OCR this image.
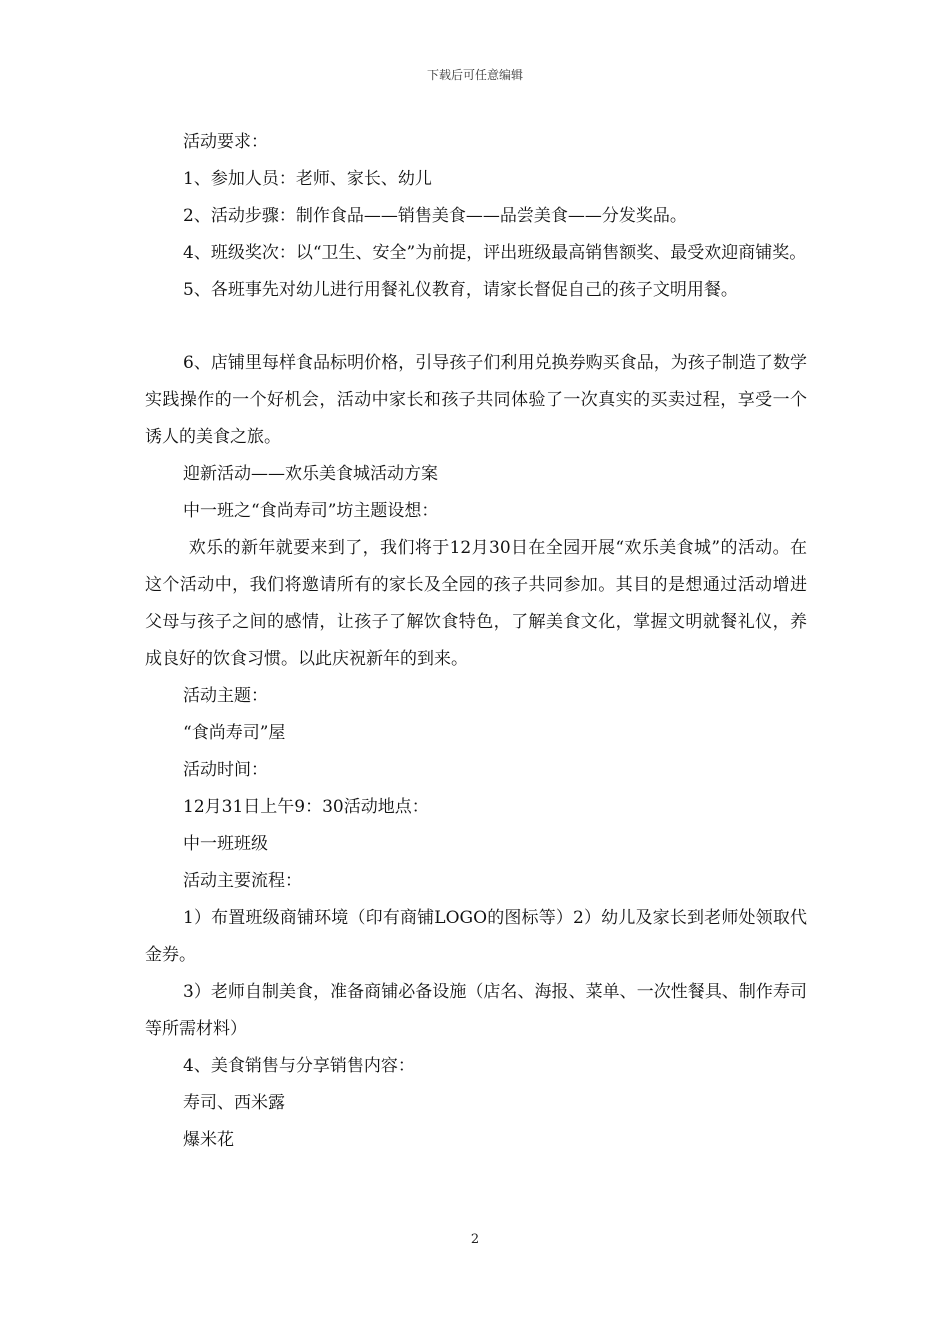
下载后可任意编辑

活动要求：

1、参加人员：老师、家长、幼儿

2、活动步骤：制作食品——销售美食——品尝美食——分发奖品。

4、班级奖次：以“卫生、安全”为前提，评出班级最高销售额奖、最受欢迎商铺奖。

5、各班事先对幼儿进行用餐礼仪教育，请家长督促自己的孩子文明用餐。

6、店铺里每样食品标明价格，引导孩子们利用兑换券购买食品，为孩子制造了数学实践操作的一个好机会，活动中家长和孩子共同体验了一次真实的买卖过程，享受一个诱人的美食之旅。

迎新活动——欢乐美食城活动方案

中一班之“食尚寿司”坊主题设想：

欢乐的新年就要来到了，我们将于12月30日在全园开展“欢乐美食城”的活动。在这个活动中，我们将邀请所有的家长及全园的孩子共同参加。其目的是想通过活动增进父母与孩子之间的感情，让孩子了解饮食特色，了解美食文化，掌握文明就餐礼仪，养成良好的饮食习惯。以此庆祝新年的到来。

活动主题：

“食尚寿司”屋

活动时间：

12月31日上午9：30活动地点：

中一班班级

活动主要流程：

1）布置班级商铺环境（印有商铺LOGO的图标等）2）幼儿及家长到老师处领取代金券。

3）老师自制美食，准备商铺必备设施（店名、海报、菜单、一次性餐具、制作寿司等所需材料）

4、美食销售与分享销售内容：

寿司、西米露

爆米花

2
